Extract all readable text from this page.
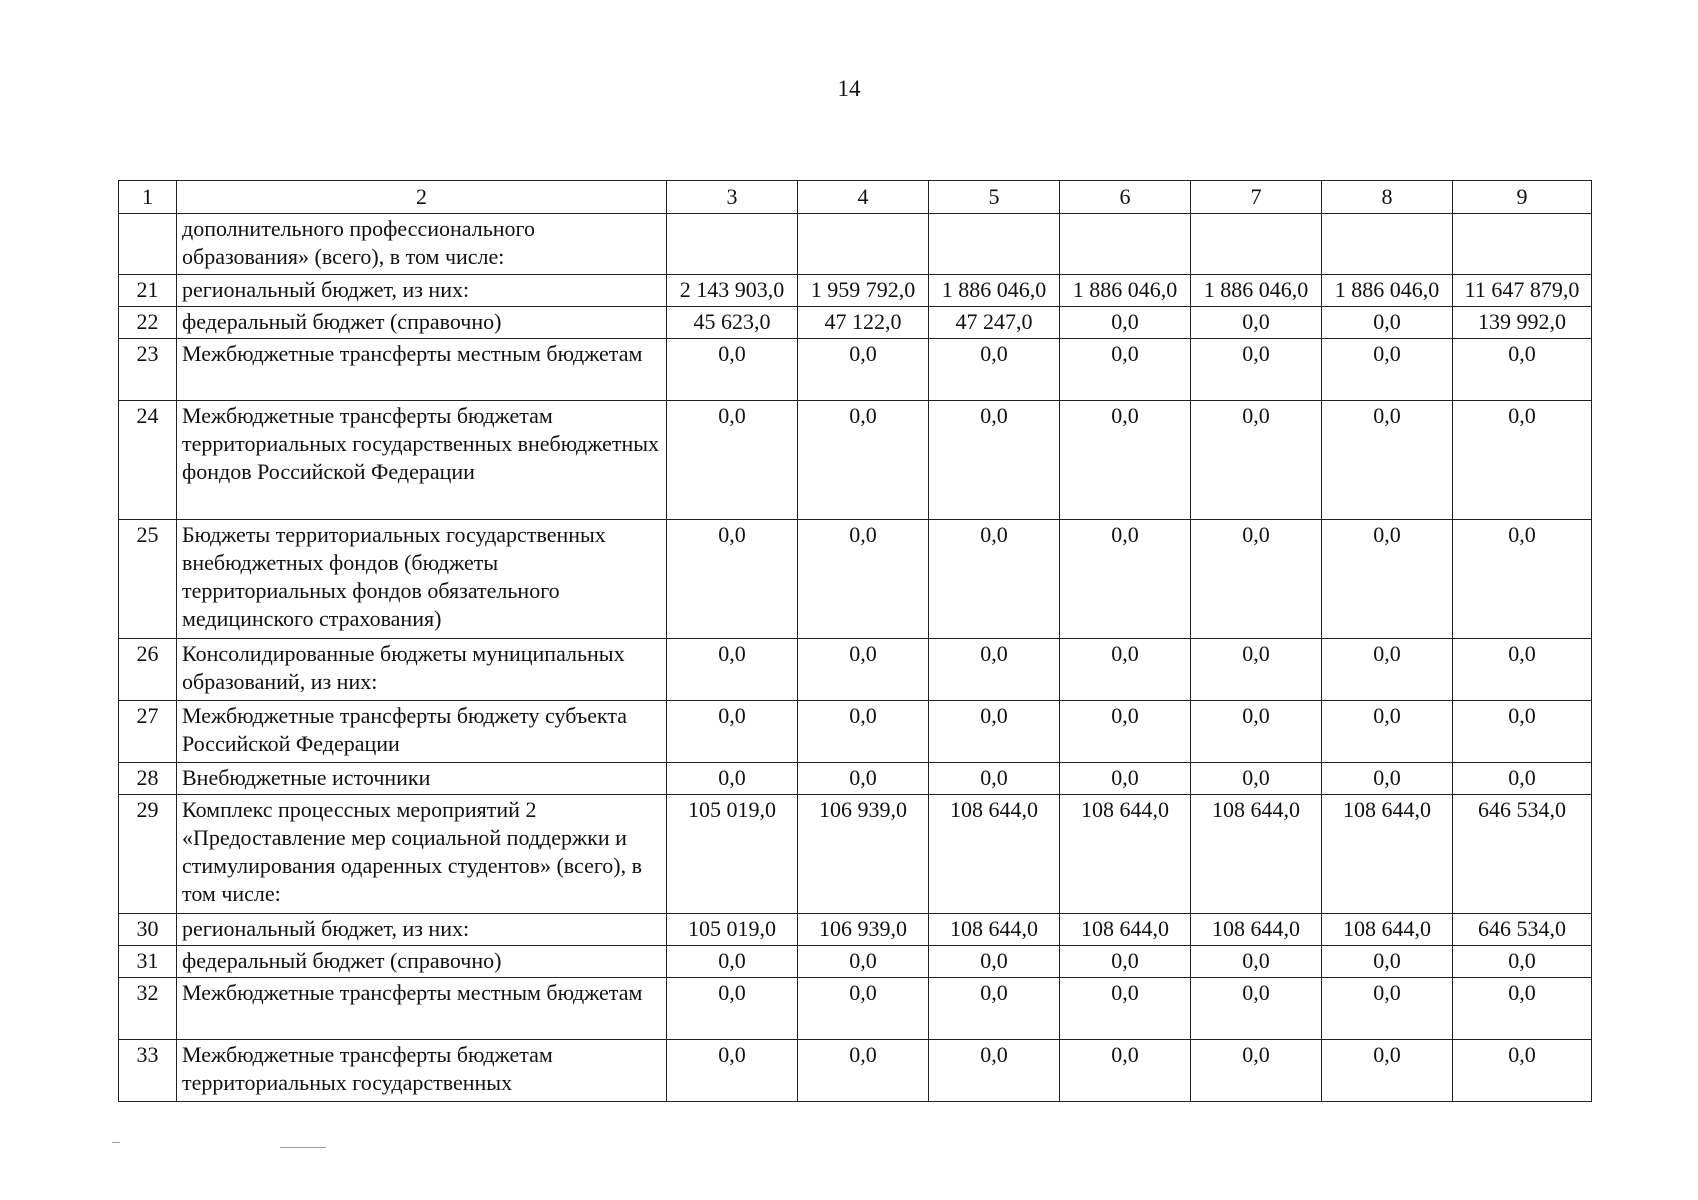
14
1	2	3	4	5	6	7	8	9
	дополнительного профессионального образования» (всего), в том числе:							
21	региональный бюджет, из них:	2 143 903,0	1 959 792,0	1 886 046,0	1 886 046,0	1 886 046,0	1 886 046,0	11 647 879,0
22	федеральный бюджет (справочно)	45 623,0	47 122,0	47 247,0	0,0	0,0	0,0	139 992,0
23	Межбюджетные трансферты местным бюджетам	0,0	0,0	0,0	0,0	0,0	0,0	0,0
24	Межбюджетные трансферты бюджетам территориальных государственных внебюджетных фондов Российской Федерации	0,0	0,0	0,0	0,0	0,0	0,0	0,0
25	Бюджеты территориальных государственных внебюджетных фондов (бюджеты территориальных фондов обязательного медицинского страхования)	0,0	0,0	0,0	0,0	0,0	0,0	0,0
26	Консолидированные бюджеты муниципальных образований, из них:	0,0	0,0	0,0	0,0	0,0	0,0	0,0
27	Межбюджетные трансферты бюджету субъекта Российской Федерации	0,0	0,0	0,0	0,0	0,0	0,0	0,0
28	Внебюджетные источники	0,0	0,0	0,0	0,0	0,0	0,0	0,0
29	Комплекс процессных мероприятий 2 «Предоставление мер социальной поддержки и стимулирования одаренных студентов» (всего), в том числе:	105 019,0	106 939,0	108 644,0	108 644,0	108 644,0	108 644,0	646 534,0
30	региональный бюджет, из них:	105 019,0	106 939,0	108 644,0	108 644,0	108 644,0	108 644,0	646 534,0
31	федеральный бюджет (справочно)	0,0	0,0	0,0	0,0	0,0	0,0	0,0
32	Межбюджетные трансферты местным бюджетам	0,0	0,0	0,0	0,0	0,0	0,0	0,0
33	Межбюджетные трансферты бюджетам территориальных государственных	0,0	0,0	0,0	0,0	0,0	0,0	0,0
